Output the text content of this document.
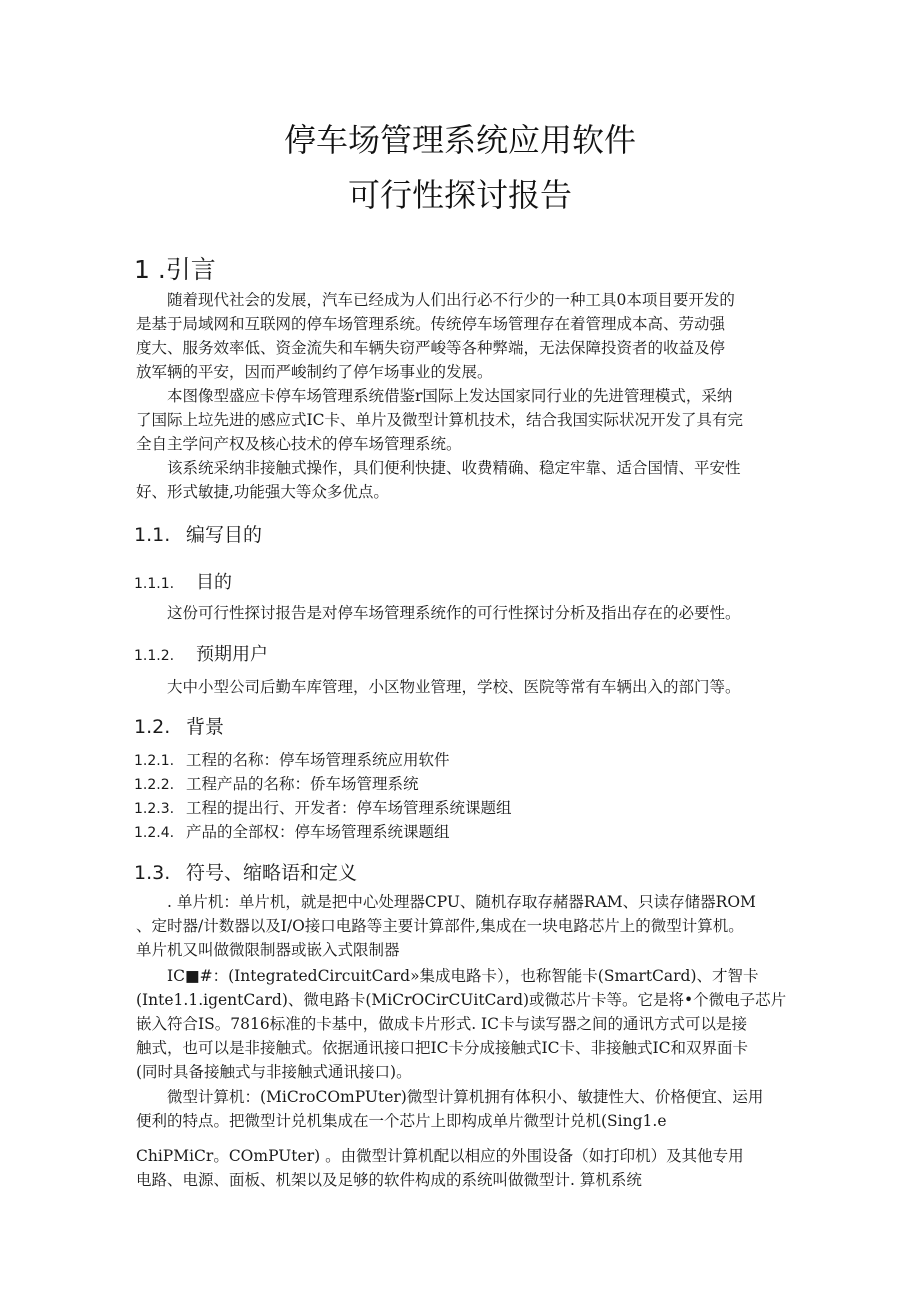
停车场管理系统应用软件
可行性探讨报告
1 .引言
随着现代社会的发展，汽车已经成为人们出行必不行少的一种工具0本项目要开发的
是基于局域网和互联网的停车场管理系统。传统停车场管理存在着管理成本高、劳动强
度大、服务效率低、资金流失和车辆失窃严峻等各种弊端，无法保障投资者的收益及停
放军辆的平安，因而严峻制约了停乍场事业的发展。
本图像型盛应卡停车场管理系统借鉴r国际上发达国家同行业的先进管理模式，采纳
了国际上垃先进的感应式IC卡、单片及微型计算机技术，结合我国实际状况开发了具有完
全自主学问产权及核心技术的停车场管理系统。
该系统采纳非接触式操作，具们便利快捷、收费精确、稳定牢靠、适合国情、平安性
好、形式敏捷,功能强大等众多优点。
1.1. 编写目的
1.1.1. 目的
这份可行性探讨报告是对停车场管理系统作的可行性探讨分析及指出存在的必要性。
1.1.2. 预期用户
大中小型公司后勤车库管理，小区物业管理，学校、医院等常有车辆出入的部门等。
1.2. 背景
1.2.1. 工程的名称：停车场管理系统应用软件
1.2.2. 工程产品的名称：侨车场管理系统
1.2.3. 工程的提出行、开发者：停车场管理系统课题组
1.2.4. 产品的全部权：停车场管理系统课题组
1.3. 符号、缩略语和定义
. 单片机：单片机，就是把中心处理器CPU、随机存取存赭器RAM、只读存储器ROM
、定时器/计数器以及I/O接口电路等主要计算部件,集成在一块电路芯片上的微型计算机。
单片机又叫做微限制器或嵌入式限制器
IC■#：(IntegratedCircuitCard»集成电路卡），也称智能卡(SmartCard)、才智卡
(Inte1.1.igentCard)、微电路卡(MiCrOCirCUitCard)或微芯片卡等。它是将•个微电子芯片
嵌入符合IS。7816标准的卡基中，做成卡片形式. IC卡与读写器之间的通讯方式可以是接
触式，也可以是非接触式。依据通讯接口把IC卡分成接触式IC卡、非接触式IC和双界面卡
(同时具备接触式与非接触式通讯接口)。
微型计算机：(MiCroCOmPUter)微型计算机拥有体积小、敏捷性大、价格便宜、运用
便利的特点。把微型计兑机集成在一个芯片上即构成单片微型计兑机(Sing1.e
ChiPMiCr。COmPUter) 。由微型计算机配以相应的外围设备（如打印机）及其他专用
电路、电源、面板、机架以及足够的软件构成的系统叫做微型计. 算机系统
